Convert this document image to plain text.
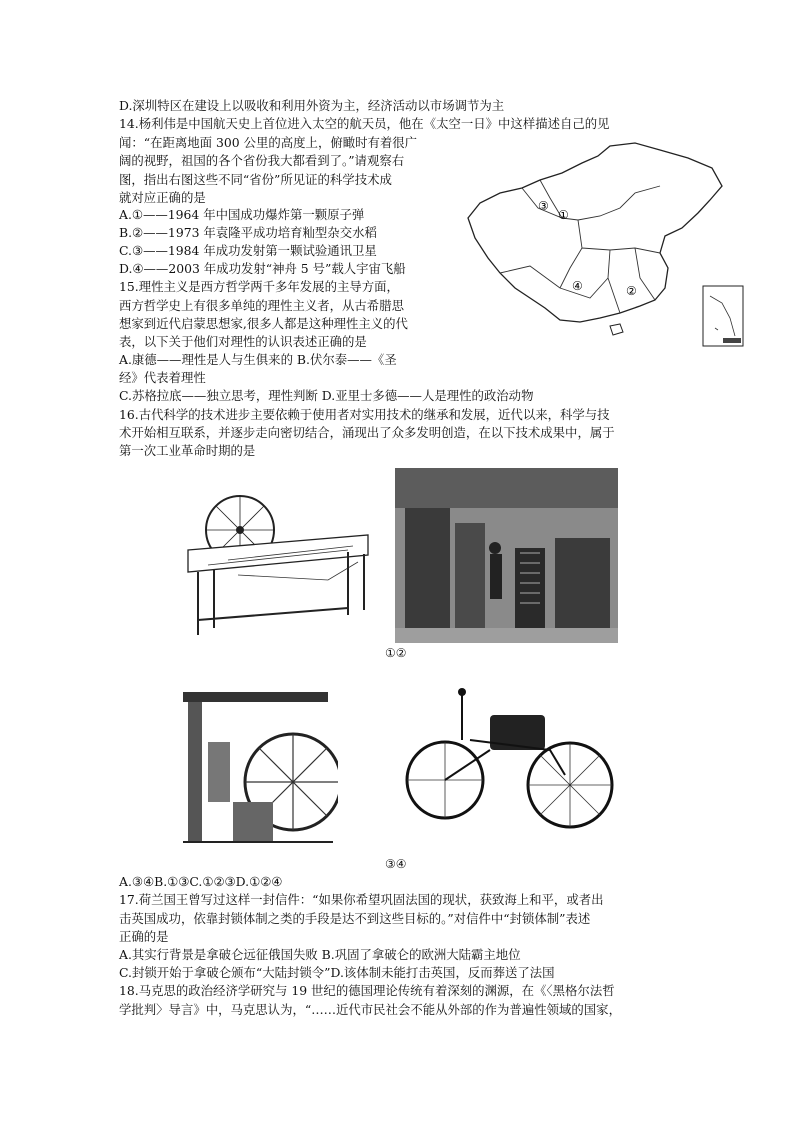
D.深圳特区在建设上以吸收和利用外资为主，经济活动以市场调节为主
14.杨利伟是中国航天史上首位进入太空的航天员，他在《太空一日》中这样描述自己的见
闻：“在距离地面 300 公里的高度上，俯瞰时有着很广
阔的视野，祖国的各个省份我大都看到了。”请观察右
图，指出右图这些不同“省份”所见证的科学技术成
就对应正确的是
A.①——1964 年中国成功爆炸第一颗原子弹
B.②——1973 年袁隆平成功培育籼型杂交水稻
C.③——1984 年成功发射第一颗试验通讯卫星
D.④——2003 年成功发射“神舟 5 号”载人宇宙飞船
15.理性主义是西方哲学两千多年发展的主导方面，
西方哲学史上有很多单纯的理性主义者，从古希腊思
想家到近代启蒙思想家,很多人都是这种理性主义的代
表，以下关于他们对理性的认识表述正确的是
A.康德——理性是人与生俱来的 B.伏尔泰——《圣
经》代表着理性
C.苏格拉底——独立思考，理性判断 D.亚里士多德——人是理性的政治动物
16.古代科学的技术进步主要依赖于使用者对实用技术的继承和发展，近代以来，科学与技
术开始相互联系，并逐步走向密切结合，涌现出了众多发明创造，在以下技术成果中，属于
第一次工业革命时期的是
①②
③④
A.③④B.①③C.①②③D.①②④
17.荷兰国王曾写过这样一封信件：“如果你希望巩固法国的现状，获致海上和平，或者出
击英国成功，依靠封锁体制之类的手段是达不到这些目标的。”对信件中“封锁体制”表述
正确的是
A.其实行背景是拿破仑远征俄国失败 B.巩固了拿破仑的欧洲大陆霸主地位
C.封锁开始于拿破仑颁布“大陆封锁令”D.该体制未能打击英国，反而葬送了法国
18.马克思的政治经济学研究与 19 世纪的德国理论传统有着深刻的渊源，在《〈黑格尔法哲
学批判〉导言》中，马克思认为，“……近代市民社会不能从外部的作为普遍性领域的国家，
③
①
④	②
